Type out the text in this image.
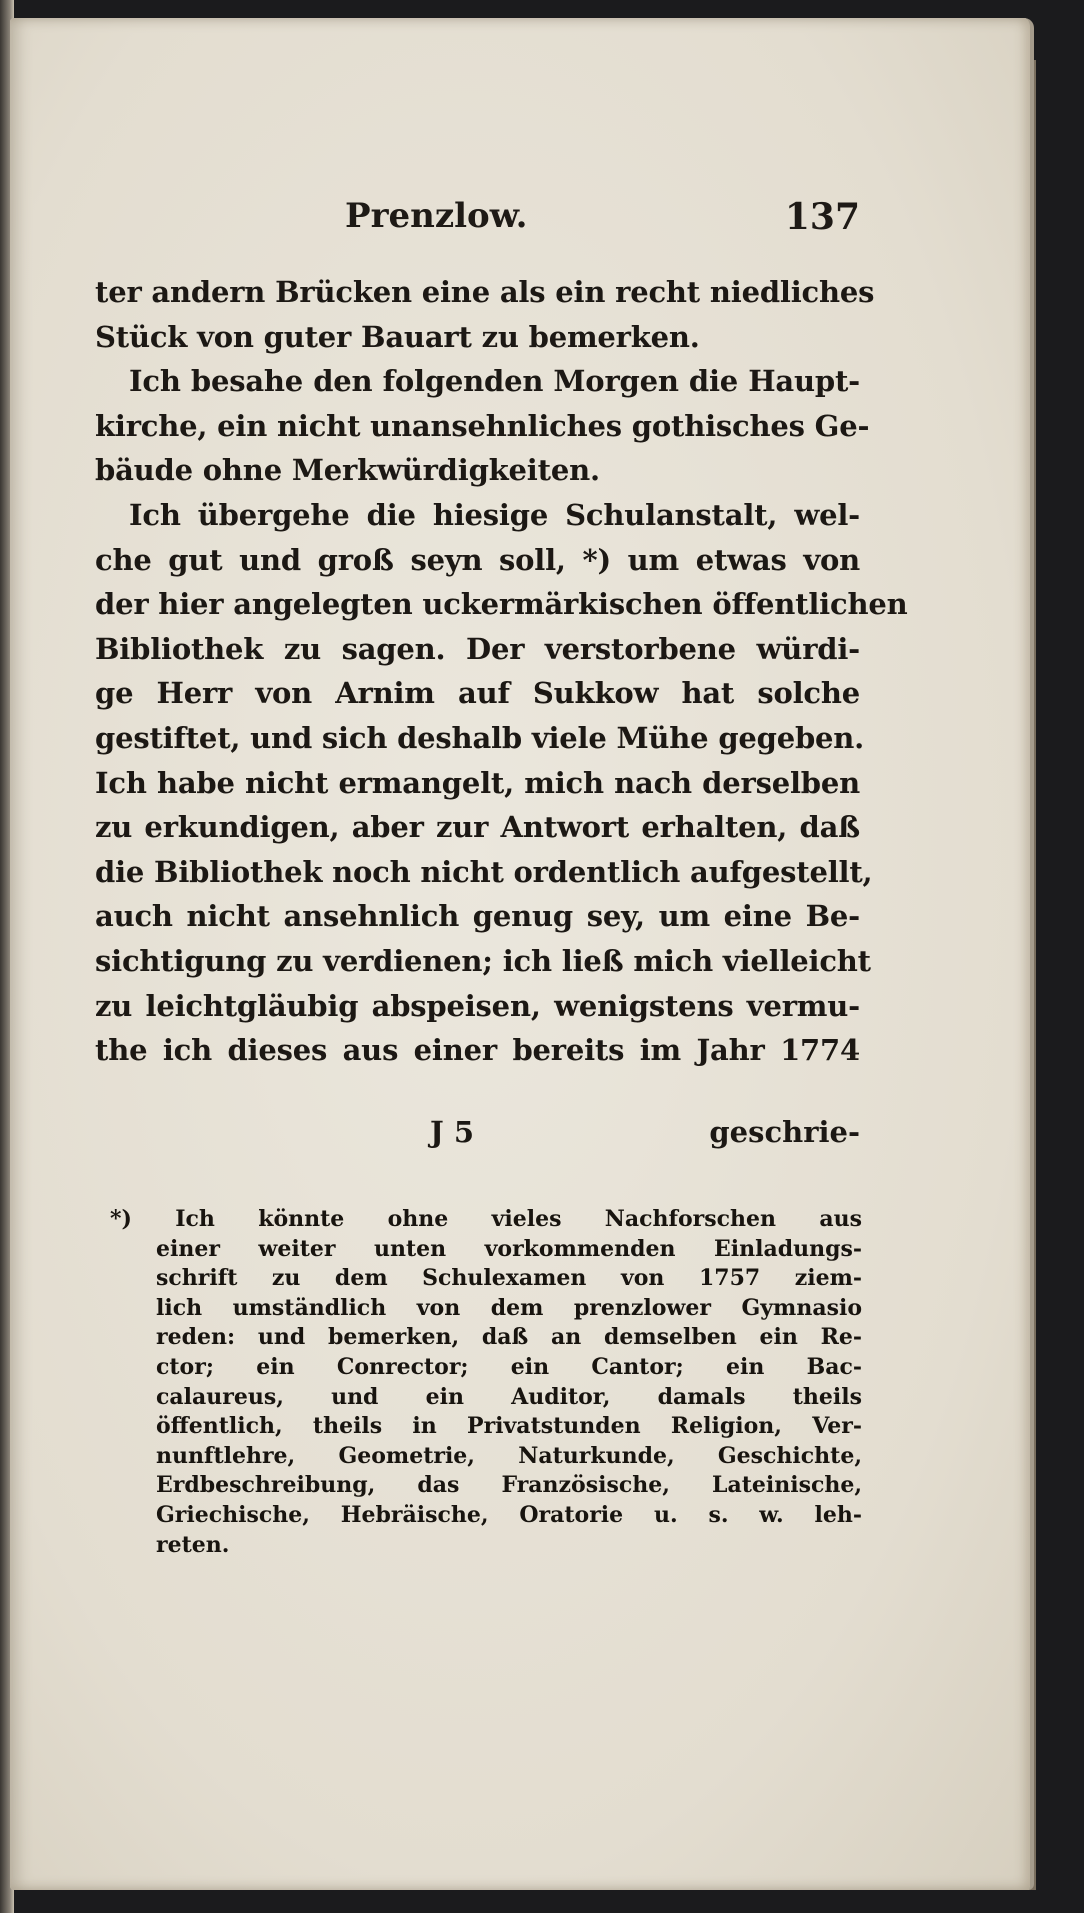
Prenzlow.	137
ter andern Brücken eine als ein recht niedliches
Stück von guter Bauart zu bemerken.
Ich besahe den folgenden Morgen die Haupt-
kirche, ein nicht unansehnliches gothisches Ge-
bäude ohne Merkwürdigkeiten.
Ich übergehe die hiesige Schulanstalt, wel-
che gut und groß seyn soll, *) um etwas von
der hier angelegten uckermärkischen öffentlichen
Bibliothek zu sagen. Der verstorbene würdi-
ge Herr von Arnim auf Sukkow hat solche
gestiftet, und sich deshalb viele Mühe gegeben.
Ich habe nicht ermangelt, mich nach derselben
zu erkundigen, aber zur Antwort erhalten, daß
die Bibliothek noch nicht ordentlich aufgestellt,
auch nicht ansehnlich genug sey, um eine Be-
sichtigung zu verdienen; ich ließ mich vielleicht
zu leichtgläubig abspeisen, wenigstens vermu-
the ich dieses aus einer bereits im Jahr 1774
J 5	geschrie-
*) Ich könnte ohne vieles Nachforschen aus
einer weiter unten vorkommenden Einladungs-
schrift zu dem Schulexamen von 1757 ziem-
lich umständlich von dem prenzlower Gymnasio
reden: und bemerken, daß an demselben ein Re-
ctor; ein Conrector; ein Cantor; ein Bac-
calaureus, und ein Auditor, damals theils
öffentlich, theils in Privatstunden Religion, Ver-
nunftlehre, Geometrie, Naturkunde, Geschichte,
Erdbeschreibung, das Französische, Lateinische,
Griechische, Hebräische, Oratorie u. s. w. leh-
reten.
